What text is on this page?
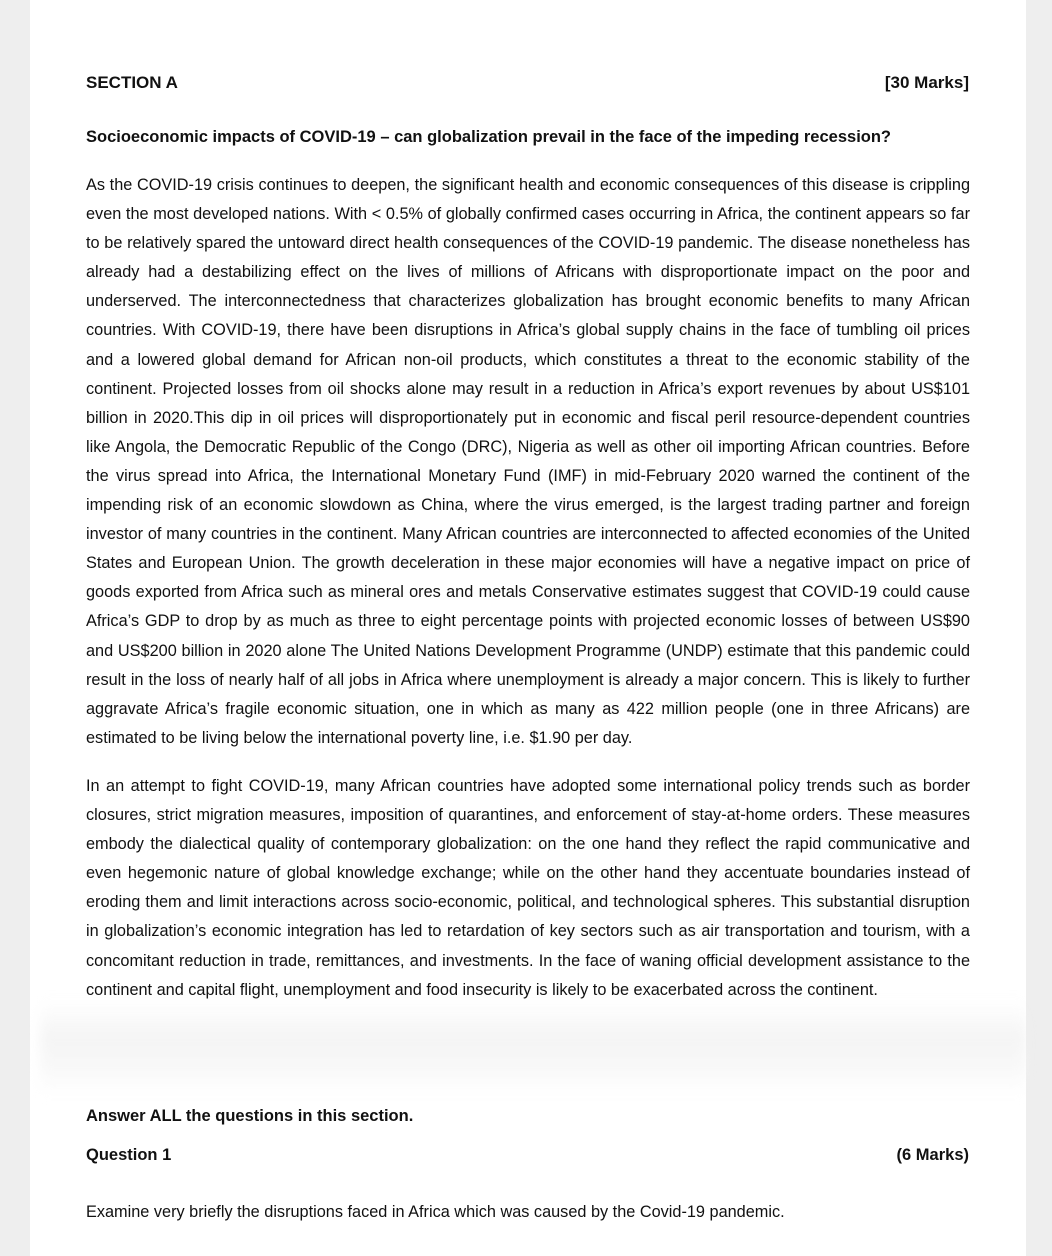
SECTION A	[30 Marks]
Socioeconomic impacts of COVID-19 – can globalization prevail in the face of the impeding recession?

As the COVID-19 crisis continues to deepen, the significant health and economic consequences of this disease is crippling even the most developed nations. With < 0.5% of globally confirmed cases occurring in Africa, the continent appears so far to be relatively spared the untoward direct health consequences of the COVID-19 pandemic. The disease nonetheless has already had a destabilizing effect on the lives of millions of Africans with disproportionate impact on the poor and underserved. The interconnectedness that characterizes globalization has brought economic benefits to many African countries. With COVID-19, there have been disruptions in Africa’s global supply chains in the face of tumbling oil prices and a lowered global demand for African non-oil products, which constitutes a threat to the economic stability of the continent. Projected losses from oil shocks alone may result in a reduction in Africa’s export revenues by about US$101 billion in 2020.This dip in oil prices will disproportionately put in economic and fiscal peril resource-dependent countries like Angola, the Democratic Republic of the Congo (DRC), Nigeria as well as other oil importing African countries. Before the virus spread into Africa, the International Monetary Fund (IMF) in mid-February 2020 warned the continent of the impending risk of an economic slowdown as China, where the virus emerged, is the largest trading partner and foreign investor of many countries in the continent. Many African countries are interconnected to affected economies of the United States and European Union. The growth deceleration in these major economies will have a negative impact on price of goods exported from Africa such as mineral ores and metals Conservative estimates suggest that COVID-19 could cause Africa’s GDP to drop by as much as three to eight percentage points with projected economic losses of between US$90 and US$200 billion in 2020 alone The United Nations Development Programme (UNDP) estimate that this pandemic could result in the loss of nearly half of all jobs in Africa where unemployment is already a major concern. This is likely to further aggravate Africa’s fragile economic situation, one in which as many as 422 million people (one in three Africans) are estimated to be living below the international poverty line, i.e. $1.90 per day.

In an attempt to fight COVID-19, many African countries have adopted some international policy trends such as border closures, strict migration measures, imposition of quarantines, and enforcement of stay-at-home orders. These measures embody the dialectical quality of contemporary globalization: on the one hand they reflect the rapid communicative and even hegemonic nature of global knowledge exchange; while on the other hand they accentuate boundaries instead of eroding them and limit interactions across socio-economic, political, and technological spheres. This substantial disruption in globalization’s economic integration has led to retardation of key sectors such as air transportation and tourism, with a concomitant reduction in trade, remittances, and investments. In the face of waning official development assistance to the continent and capital flight, unemployment and food insecurity is likely to be exacerbated across the continent.

Answer ALL the questions in this section.
Question 1	(6 Marks)
Examine very briefly the disruptions faced in Africa which was caused by the Covid-19 pandemic.
